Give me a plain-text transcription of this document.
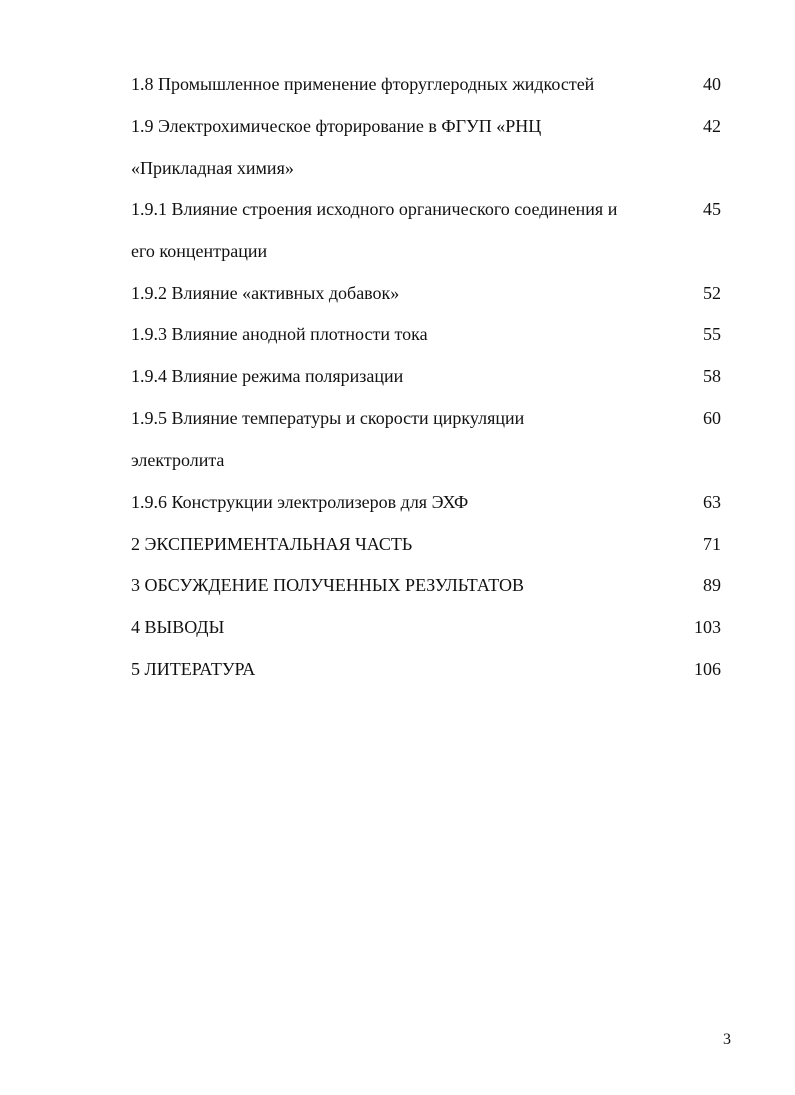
1.8 Промышленное применение фторуглеродных жидкостей	40
1.9 Электрохимическое фторирование в ФГУП «РНЦ	42
«Прикладная химия»
1.9.1 Влияние строения исходного органического соединения и	45
его концентрации
1.9.2 Влияние «активных добавок»	52
1.9.3 Влияние анодной плотности тока	55
1.9.4 Влияние режима поляризации	58
1.9.5 Влияние температуры и скорости циркуляции	60
электролита
1.9.6 Конструкции электролизеров для ЭХФ	63
2 ЭКСПЕРИМЕНТАЛЬНАЯ ЧАСТЬ	71
3 ОБСУЖДЕНИЕ ПОЛУЧЕННЫХ РЕЗУЛЬТАТОВ	89
4 ВЫВОДЫ	103
5 ЛИТЕРАТУРА	106
3
